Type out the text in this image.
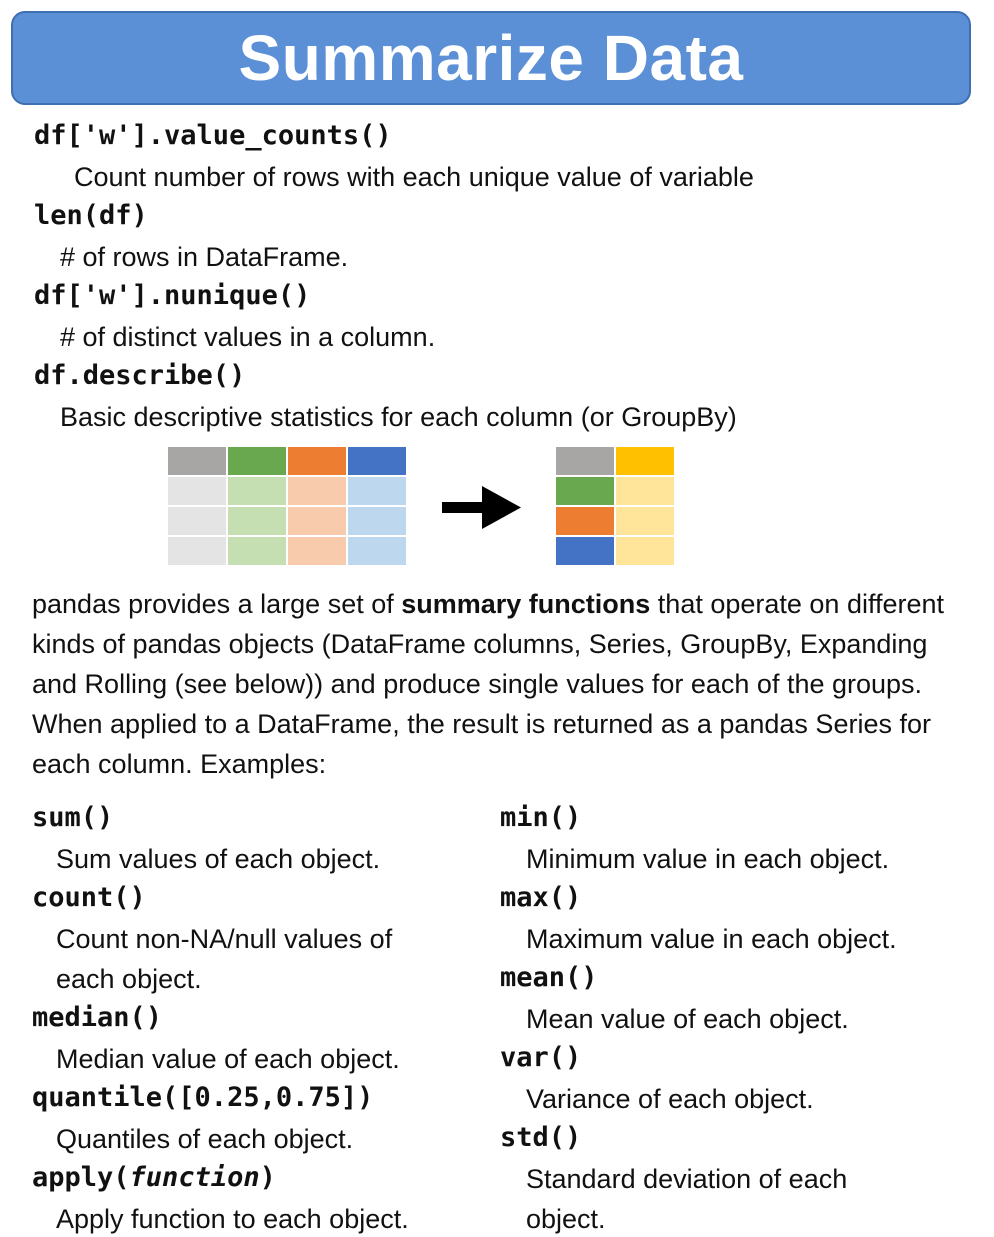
Summarize Data
df['w'].value_counts()
Count number of rows with each unique value of variable
len(df)
# of rows in DataFrame.
df['w'].nunique()
# of distinct values in a column.
df.describe()
Basic descriptive statistics for each column (or GroupBy)
pandas provides a large set of summary functions that operate on different kinds of pandas objects (DataFrame columns, Series, GroupBy, Expanding and Rolling (see below)) and produce single values for each of the groups. When applied to a DataFrame, the result is returned as a pandas Series for each column. Examples:
sum()
Sum values of each object.
count()
Count non-NA/null values of
each object.
median()
Median value of each object.
quantile([0.25,0.75])
Quantiles of each object.
apply(function)
Apply function to each object.
min()
Minimum value in each object.
max()
Maximum value in each object.
mean()
Mean value of each object.
var()
Variance of each object.
std()
Standard deviation of each
object.
